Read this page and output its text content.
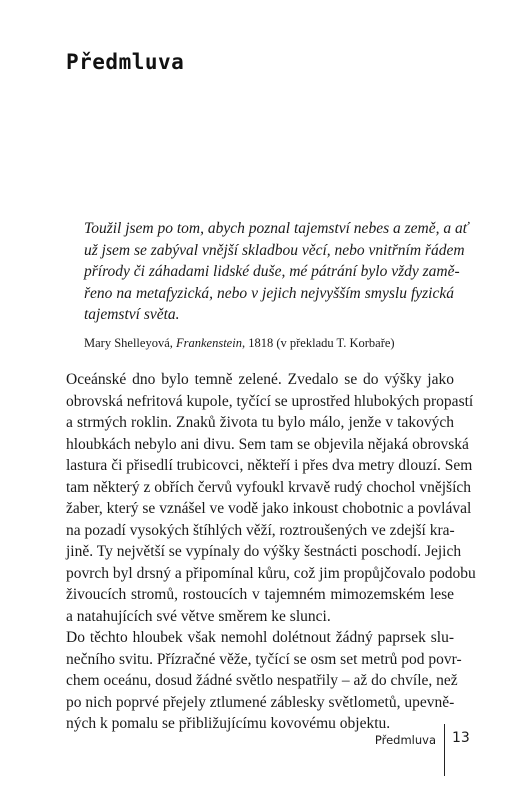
Předmluva

Toužil jsem po tom, abych poznal tajemství nebes a země, a ať
už jsem se zabýval vnější skladbou věcí, nebo vnitřním řádem
přírody či záhadami lidské duše, mé pátrání bylo vždy zamě-
řeno na metafyzická, nebo v jejich nejvyšším smyslu fyzická
tajemství světa.

Mary Shelleyová, Frankenstein, 1818 (v překladu T. Korbaře)

Oceánské dno bylo temně zelené. Zvedalo se do výšky jako
obrovská nefritová kupole, tyčící se uprostřed hlubokých propastí
a strmých roklin. Znaků života tu bylo málo, jenže v takových
hloubkách nebylo ani divu. Sem tam se objevila nějaká obrovská
lastura či přisedlí trubicovci, někteří i přes dva metry dlouzí. Sem
tam některý z obřích červů vyfoukl krvavě rudý chochol vnějších
žaber, který se vznášel ve vodě jako inkoust chobotnic a povlával
na pozadí vysokých štíhlých věží, roztroušených ve zdejší kra-
jině. Ty největší se vypínaly do výšky šestnácti poschodí. Jejich
povrch byl drsný a připomínal kůru, což jim propůjčovalo podobu
živoucích stromů, rostoucích v tajemném mimozemském lese
a natahujících své větve směrem ke slunci.

Do těchto hloubek však nemohl dolétnout žádný paprsek slu-
nečního svitu. Přízračné věže, tyčící se osm set metrů pod povr-
chem oceánu, dosud žádné světlo nespatřily – až do chvíle, než
po nich poprvé přejely ztlumené záblesky světlometů, upevně-
ných k pomalu se přibližujícímu kovovému objektu.

Předmluva 13
